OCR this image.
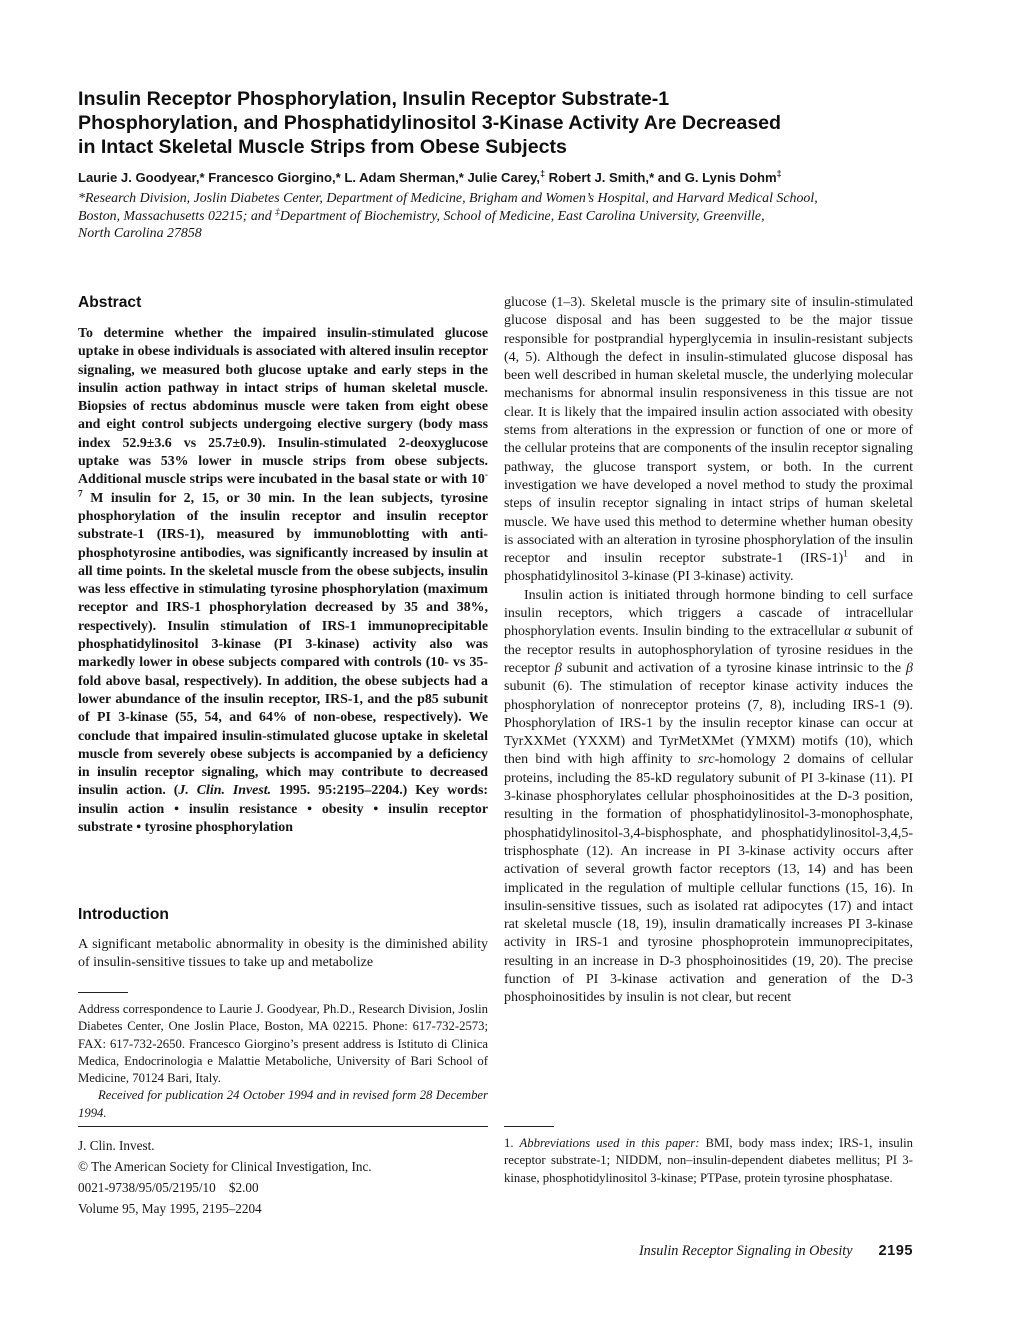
Insulin Receptor Phosphorylation, Insulin Receptor Substrate-1
Phosphorylation, and Phosphatidylinositol 3-Kinase Activity Are Decreased
in Intact Skeletal Muscle Strips from Obese Subjects
Laurie J. Goodyear,* Francesco Giorgino,* L. Adam Sherman,* Julie Carey,‡ Robert J. Smith,* and G. Lynis Dohm‡
*Research Division, Joslin Diabetes Center, Department of Medicine, Brigham and Women’s Hospital, and Harvard Medical School,
Boston, Massachusetts 02215; and ‡Department of Biochemistry, School of Medicine, East Carolina University, Greenville,
North Carolina 27858
Abstract

To determine whether the impaired insulin-stimulated glucose uptake in obese individuals is associated with altered insulin receptor signaling, we measured both glucose uptake and early steps in the insulin action pathway in intact strips of human skeletal muscle. Biopsies of rectus abdominus muscle were taken from eight obese and eight control subjects undergoing elective surgery (body mass index 52.9±3.6 vs 25.7±0.9). Insulin-stimulated 2-deoxyglucose uptake was 53% lower in muscle strips from obese subjects. Additional muscle strips were incubated in the basal state or with $10^{-7}$ M insulin for 2, 15, or 30 min. In the lean subjects, tyrosine phosphorylation of the insulin receptor and insulin receptor substrate-1 (IRS-1), measured by immunoblotting with anti-phosphotyrosine antibodies, was significantly increased by insulin at all time points. In the skeletal muscle from the obese subjects, insulin was less effective in stimulating tyrosine phosphorylation (maximum receptor and IRS-1 phosphorylation decreased by 35 and 38%, respectively). Insulin stimulation of IRS-1 immunoprecipitable phosphatidylinositol 3-kinase (PI 3-kinase) activity also was markedly lower in obese subjects compared with controls (10- vs 35-fold above basal, respectively). In addition, the obese subjects had a lower abundance of the insulin receptor, IRS-1, and the p85 subunit of PI 3-kinase (55, 54, and 64% of non-obese, respectively). We conclude that impaired insulin-stimulated glucose uptake in skeletal muscle from severely obese subjects is accompanied by a deficiency in insulin receptor signaling, which may contribute to decreased insulin action. (J. Clin. Invest. 1995. 95:2195–2204.) Key words: insulin action • insulin resistance • obesity • insulin receptor substrate • tyrosine phosphorylation

Introduction

A significant metabolic abnormality in obesity is the diminished ability of insulin-sensitive tissues to take up and metabolize

Address correspondence to Laurie J. Goodyear, Ph.D., Research Division, Joslin Diabetes Center, One Joslin Place, Boston, MA 02215. Phone: 617-732-2573; FAX: 617-732-2650. Francesco Giorgino’s present address is Istituto di Clinica Medica, Endocrinologia e Malattie Metaboliche, University of Bari School of Medicine, 70124 Bari, Italy.

Received for publication 24 October 1994 and in revised form 28 December 1994.

J. Clin. Invest.
© The American Society for Clinical Investigation, Inc.
0021-9738/95/05/2195/10  $2.00
Volume 95, May 1995, 2195–2204

glucose (1–3). Skeletal muscle is the primary site of insulin-stimulated glucose disposal and has been suggested to be the major tissue responsible for postprandial hyperglycemia in insulin-resistant subjects (4, 5). Although the defect in insulin-stimulated glucose disposal has been well described in human skeletal muscle, the underlying molecular mechanisms for abnormal insulin responsiveness in this tissue are not clear. It is likely that the impaired insulin action associated with obesity stems from alterations in the expression or function of one or more of the cellular proteins that are components of the insulin receptor signaling pathway, the glucose transport system, or both. In the current investigation we have developed a novel method to study the proximal steps of insulin receptor signaling in intact strips of human skeletal muscle. We have used this method to determine whether human obesity is associated with an alteration in tyrosine phosphorylation of the insulin receptor and insulin receptor substrate-1 $(IRS-1)^1$ and in phosphatidylinositol 3-kinase (PI 3-kinase) activity.

Insulin action is initiated through hormone binding to cell surface insulin receptors, which triggers a cascade of intracellular phosphorylation events. Insulin binding to the extracellular α subunit of the receptor results in autophosphorylation of tyrosine residues in the receptor β subunit and activation of a tyrosine kinase intrinsic to the β subunit (6). The stimulation of receptor kinase activity induces the phosphorylation of nonreceptor proteins (7, 8), including IRS-1 (9). Phosphorylation of IRS-1 by the insulin receptor kinase can occur at TyrXXMet (YXXM) and TyrMetXMet (YMXM) motifs (10), which then bind with high affinity to src-homology 2 domains of cellular proteins, including the 85-kD regulatory subunit of PI 3-kinase (11). PI 3-kinase phosphorylates cellular phosphoinositides at the D-3 position, resulting in the formation of phosphatidylinositol-3-monophosphate, phosphatidylinositol-3,4-bisphosphate, and phosphatidylinositol-3,4,5-trisphosphate (12). An increase in PI 3-kinase activity occurs after activation of several growth factor receptors (13, 14) and has been implicated in the regulation of multiple cellular functions (15, 16). In insulin-sensitive tissues, such as isolated rat adipocytes (17) and intact rat skeletal muscle (18, 19), insulin dramatically increases PI 3-kinase activity in IRS-1 and tyrosine phosphoprotein immunoprecipitates, resulting in an increase in D-3 phosphoinositides (19, 20). The precise function of PI 3-kinase activation and generation of the D-3 phosphoinositides by insulin is not clear, but recent

1. Abbreviations used in this paper: BMI, body mass index; IRS-1, insulin receptor substrate-1; NIDDM, non–insulin-dependent diabetes mellitus; PI 3-kinase, phosphotidylinositol 3-kinase; PTPase, protein tyrosine phosphatase.

Insulin Receptor Signaling in Obesity 2195
